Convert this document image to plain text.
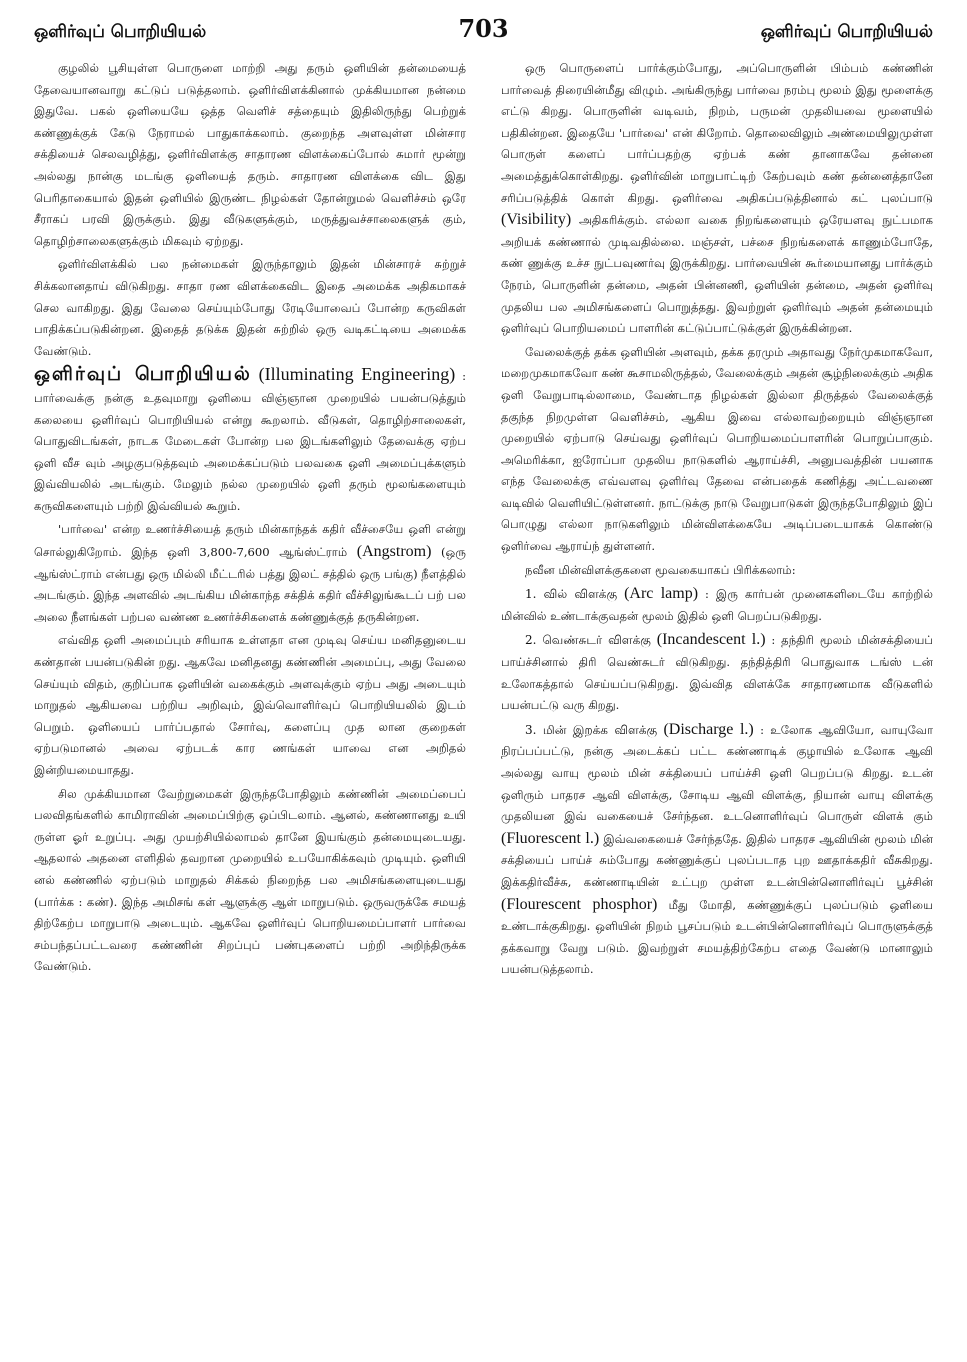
ஒளிர்வுப் பொறியியல்	703	ஒளிர்வுப் பொறியியல்

குழலில் பூசியுள்ள பொருளை மாற்றி அது தரும் ஒளியின் தன்மையைத் தேவையானவாறு கட்டுப் படுத்தலாம். ஒளிர்விளக்கினால் முக்கியமான நன்மை இதுவே. பகல் ஒளியையே ஒத்த வெளிச் சத்தையும் இதிலிருந்து பெற்றுக் கண்ணுக்குக் கேடு நேராமல் பாதுகாக்கலாம். குறைந்த அளவுள்ள மின்சார சக்தியைச் செலவழித்து, ஒளிர்விளக்கு சாதாரண விளக்கைப்போல் சுமார் மூன்று அல்லது நான்கு மடங்கு ஒளியைத் தரும். சாதாரண விளக்கை விட இது பெரிதாகையால் இதன் ஒளியில் இருண்ட நிழல்கள் தோன்றுமல் வெளிச்சம் ஒரே சீராகப் பரவி இருக்கும். இது வீடுகளுக்கும், மருத்துவச்சாலைகளுக் கும், தொழிற்சாலைகளுக்கும் மிகவும் ஏற்றது.

ஒளிர்விளக்கில் பல நன்மைகள் இருந்தாலும் இதன் மின்சாரச் சுற்றுச் சிக்கலானதாய் விடுகிறது. சாதா ரண விளக்கைவிட இதை அமைக்க அதிகமாகச் செல வாகிறது. இது வேலை செய்யும்போது ரேடியோவைப் போன்ற கருவிகள் பாதிக்கப்படுகின்றன. இதைத் தடுக்க இதன் சுற்றில் ஒரு வடிகட்டியை அமைக்க வேண்டும்.

ஒளிர்வுப் பொறியியல் (Illuminating Engineering) : பார்வைக்கு நன்கு உதவுமாறு ஒளியை விஞ்ஞான முறையில் பயன்படுத்தும் கலையை ஒளிர்வுப் பொறியியல் என்று கூறலாம். வீடுகள், தொழிற்சாலைகள், பொதுவிடங்கள், நாடக மேடைகள் போன்ற பல இடங்களிலும் தேவைக்கு ஏற்ப ஒளி வீச வும் அழகுபடுத்தவும் அமைக்கப்படும் பலவகை ஒளி அமைப்புக்களும் இவ்வியலில் அடங்கும். மேலும் நல்ல முறையில் ஒளி தரும் மூலங்களையும் கருவிகளையும் பற்றி இவ்வியல் கூறும்.

'பார்வை' என்ற உணர்ச்சியைத் தரும் மின்காந்தக் கதிர் வீச்சையே ஒளி என்று சொல்லுகிறோம். இந்த ஒளி 3,800-7,600 ஆங்ஸ்ட்ராம் (Angstrom) (ஒரு ஆங்ஸ்ட்ராம் என்பது ஒரு மில்லி மீட்டரில் பத்து இலட் சத்தில் ஒரு பங்கு) நீளத்தில் அடங்கும். இந்த அளவில் அடங்கிய மின்காந்த சக்திக் கதிர் வீச்சிலுங்கூடப் பற் பல அலை நீளங்கள் பற்பல வண்ண உணர்ச்சிகளைக் கண்ணுக்குத் தருகின்றன.

எவ்வித ஒளி அமைப்பும் சரியாக உள்ளதா என முடிவு செய்ய மனிதனுடைய கண்தான் பயன்படுகின் றது. ஆகவே மனிதனது கண்ணின் அமைப்பு, அது வேலை செய்யும் விதம், குறிப்பாக ஒளியின் வகைக்கும் அளவுக்கும் ஏற்ப அது அடையும் மாறுதல் ஆகியவை பற்றிய அறிவும், இவ்வொளிர்வுப் பொறியியலில் இடம் பெறும். ஒளியைப் பார்ப்பதால் சோர்வு, களைப்பு முத லான குறைகள் ஏற்படுமானல் அவை ஏற்படக் கார ணங்கள் யாவை என அறிதல் இன்றியமையாதது.

சில முக்கியமான வேற்றுமைகள் இருந்தபோதிலும் கண்ணின் அமைப்பைப் பலவிதங்களில் காமிராவின் அமைப்பிற்கு ஒப்பிடலாம். ஆனல், கண்ணானது உயி ருள்ள ஓர் உறுப்பு. அது முயற்சியில்லாமல் தானே இயங்கும் தன்மையுடையது. ஆதலால் அதனை எளிதில் தவறான முறையில் உபயோகிக்கவும் முடியும். ஒளியி னல் கண்ணில் ஏற்படும் மாறுதல் சிக்கல் நிறைந்த பல அமிசங்களையுடையது (பார்க்க : கண்). இந்த அமிசங் கள் ஆளுக்கு ஆள் மாறுபடும். ஒருவருக்கே சமயத் திற்கேற்ப மாறுபாடு அடையும். ஆகவே ஒளிர்வுப் பொறியமைப்பாளர் பார்வை சம்பந்தப்பட்டவரை கண்ணின் சிறப்புப் பண்புகளைப் பற்றி அறிந்திருக்க வேண்டும்.

ஒரு பொருளைப் பார்க்கும்போது, அப்பொருளின் பிம்பம் கண்ணின் பார்வைத் திரையின்மீது விழும். அங்கிருந்து பார்வை நரம்பு மூலம் இது மூளைக்கு எட்டு கிறது. பொருளின் வடிவம், நிறம், பருமன் முதலியவை மூளையில் பதிகின்றன. இதையே 'பார்வை' என் கிறோம். தொலைவிலும் அண்மையிலுமுள்ள பொருள் களைப் பார்ப்பதற்கு ஏற்பக் கண் தானாகவே தன்னை அமைத்துக்கொள்கிறது. ஒளிர்வின் மாறுபாட்டிற் கேற்பவும் கண் தன்னைத்தானே சரிப்படுத்திக் கொள் கிறது. ஒளிர்வை அதிகப்படுத்தினால் கட் புலப்பாடு (Visibility) அதிகரிக்கும். எல்லா வகை நிறங்களையும் ஒரேயளவு நுட்பமாக அறியக் கண்ணால் முடிவதில்லை. மஞ்சள், பச்சை நிறங்களைக் காணும்போதே, கண் ணுக்கு உச்ச நுட்பவுணர்வு இருக்கிறது. பார்வையின் கூர்மையானது பார்க்கும் நேரம், பொருளின் தன்மை, அதன் பின்னணி, ஒளியின் தன்மை, அதன் ஒளிர்வு முதலிய பல அமிசங்களைப் பொறுத்தது. இவற்றுள் ஒளிர்வும் அதன் தன்மையும் ஒளிர்வுப் பொறியமைப் பாளரின் கட்டுப்பாட்டுக்குள் இருக்கின்றன.

வேலைக்குத் தக்க ஒளியின் அளவும், தக்க தரமும் அதாவது நேர்முகமாகவோ, மறைமுகமாகவோ கண் கூசாமலிருத்தல், வேலைக்கும் அதன் சூழ்நிலைக்கும் அதிக ஒளி வேறுபாடில்லாமை, வேண்டாத நிழல்கள் இல்லா திருத்தல் வேலைக்குத் தகுந்த நிறமுள்ள வெளிச்சம், ஆகிய இவை எல்லாவற்றையும் விஞ்ஞான முறையில் ஏற்பாடு செய்வது ஒளிர்வுப் பொறியமைப்பாளரின் பொறுப்பாகும். அமெரிக்கா, ஐரோப்பா முதலிய நாடுகளில் ஆராய்ச்சி, அனுபவத்தின் பயனாக எந்த வேலைக்கு எவ்வளவு ஒளிர்வு தேவை என்பதைக் கணித்து அட்டவணை வடிவில் வெளியிட்டுள்ளனர். நாட்டுக்கு நாடு வேறுபாடுகள் இருந்தபோதிலும் இப் பொழுது எல்லா நாடுகளிலும் மின்விளக்கையே அடிப்படையாகக் கொண்டு ஒளிர்வை ஆராய்ந் துள்ளனர்.

நவீன மின்விளக்குகளை மூவகையாகப் பிரிக்கலாம்:

1. வில் விளக்கு (Arc lamp) : இரு கார்பன் முனைகளிடையே காற்றில் மின்வில் உண்டாக்குவதன் மூலம் இதில் ஒளி பெறப்படுகிறது.

2. வெண்சுடர் விளக்கு (Incandescent l.) : தந்திரி மூலம் மின்சக்தியைப் பாய்ச்சினால் திரி வெண்சுடர் விடுகிறது. தந்தித்திரி பொதுவாக டங்ஸ் டன் உலோகத்தால் செய்யப்படுகிறது. இவ்வித விளக்கே சாதாரணமாக வீடுகளில் பயன்பட்டு வரு கிறது.

3. மின் இறக்க விளக்கு (Discharge l.) : உலோக ஆவியோ, வாயுவோ நிரப்பப்பட்டு, நன்கு அடைக்கப் பட்ட கண்ணாடிக் குழாயில் உலோக ஆவி அல்லது வாயு மூலம் மின் சக்தியைப் பாய்ச்சி ஒளி பெறப்படு கிறது. உடன் ஒளிரும் பாதரச ஆவி விளக்கு, சோடிய ஆவி விளக்கு, நியான் வாயு விளக்கு முதலியன இவ் வகையைச் சேர்ந்தன. உடனொளிர்வுப் பொருள் விளக் கும் (Fluorescent l.) இவ்வகையைச் சேர்ந்ததே. இதில் பாதரச ஆவியின் மூலம் மின் சக்தியைப் பாய்ச் சும்போது கண்ணுக்குப் புலப்படாத புற ஊதாக்கதிர் வீசுகிறது. இக்கதிர்வீச்சு, கண்ணாடியின் உட்புற முள்ள உடன்பின்னொளிர்வுப் பூச்சின் (Flourescent phosphor) மீது மோதி, கண்ணுக்குப் புலப்படும் ஒளியை உண்டாக்குகிறது. ஒளியின் நிறம் பூசப்படும் உடன்பின்னொளிர்வுப் பொருளுக்குத் தக்கவாறு வேறு படும். இவற்றுள் சமயத்திற்கேற்ப எதை வேண்டு மானாலும் பயன்படுத்தலாம்.
